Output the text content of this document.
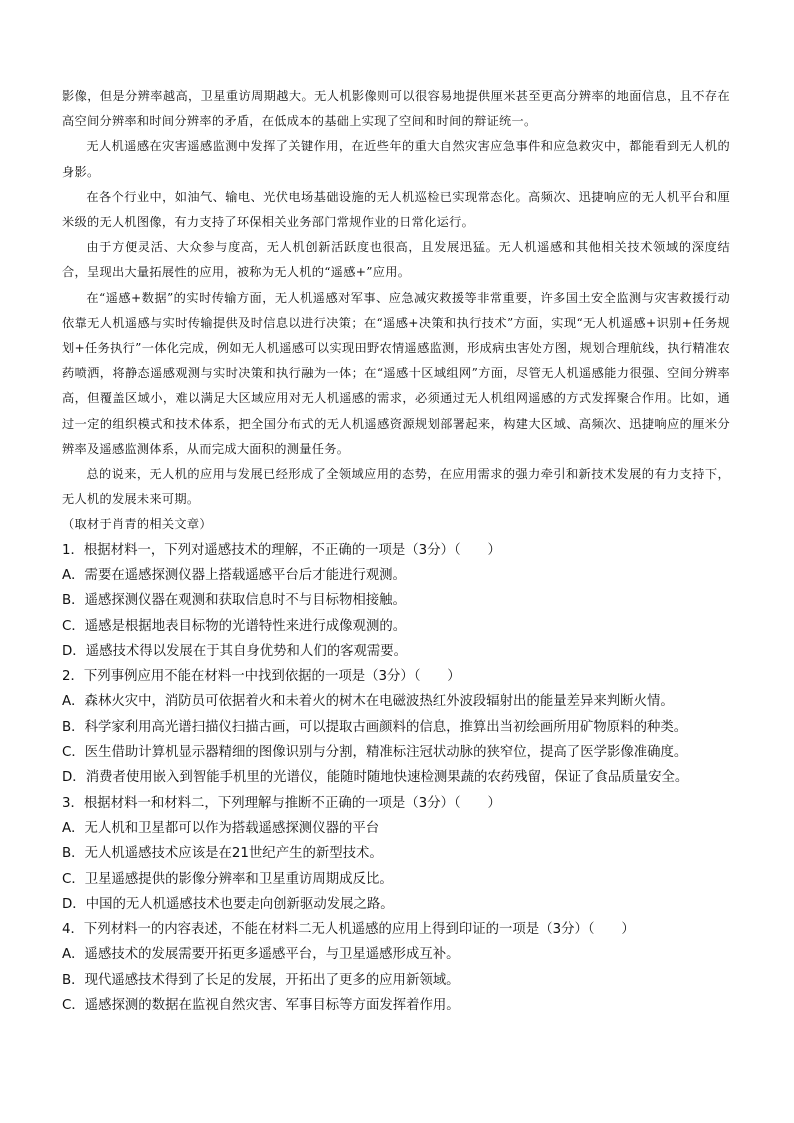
影像，但是分辨率越高，卫星重访周期越大。无人机影像则可以很容易地提供厘米甚至更高分辨率的地面信息，且不存在高空间分辨率和时间分辨率的矛盾，在低成本的基础上实现了空间和时间的辩证统一。

无人机遥感在灾害遥感监测中发挥了关键作用，在近些年的重大自然灾害应急事件和应急救灾中，都能看到无人机的身影。

在各个行业中，如油气、输电、光伏电场基础设施的无人机巡检已实现常态化。高频次、迅捷响应的无人机平台和厘米级的无人机图像，有力支持了环保相关业务部门常规作业的日常化运行。

由于方便灵活、大众参与度高，无人机创新活跃度也很高，且发展迅猛。无人机遥感和其他相关技术领域的深度结合，呈现出大量拓展性的应用，被称为无人机的“遥感+”应用。

在“遥感+数据”的实时传输方面，无人机遥感对军事、应急减灾救援等非常重要，许多国土安全监测与灾害救援行动依靠无人机遥感与实时传输提供及时信息以进行决策；在“遥感+决策和执行技术”方面，实现“无人机遥感+识别+任务规划+任务执行”一体化完成，例如无人机遥感可以实现田野农情遥感监测，形成病虫害处方图，规划合理航线，执行精准农药喷洒，将静态遥感观测与实时决策和执行融为一体；在“遥感十区域组网”方面，尽管无人机遥感能力很强、空间分辨率高，但覆盖区域小，难以满足大区域应用对无人机遥感的需求，必须通过无人机组网遥感的方式发挥聚合作用。比如，通过一定的组织模式和技术体系，把全国分布式的无人机遥感资源规划部署起来，构建大区域、高频次、迅捷响应的厘米分辨率及遥感监测体系，从而完成大面积的测量任务。

总的说来，无人机的应用与发展已经形成了全领域应用的态势，在应用需求的强力牵引和新技术发展的有力支持下，无人机的发展未来可期。

（取材于肖青的相关文章）

1．根据材料一，下列对遥感技术的理解，不正确的一项是（3分）（　　）

A．需要在遥感探测仪器上搭载遥感平台后才能进行观测。

B．遥感探测仪器在观测和获取信息时不与目标物相接触。

C．遥感是根据地表目标物的光谱特性来进行成像观测的。

D．遥感技术得以发展在于其自身优势和人们的客观需要。

2．下列事例应用不能在材料一中找到依据的一项是（3分）（　　）

A．森林火灾中，消防员可依据着火和未着火的树木在电磁波热红外波段辐射出的能量差异来判断火情。

B．科学家利用高光谱扫描仪扫描古画，可以提取古画颜料的信息，推算出当初绘画所用矿物原料的种类。

C．医生借助计算机显示器精细的图像识别与分割，精准标注冠状动脉的狭窄位，提高了医学影像准确度。

D．消费者使用嵌入到智能手机里的光谱仪，能随时随地快速检测果蔬的农药残留，保证了食品质量安全。

3．根据材料一和材料二，下列理解与推断不正确的一项是（3分）（　　）

A．无人机和卫星都可以作为搭载遥感探测仪器的平台

B．无人机遥感技术应该是在21世纪产生的新型技术。

C．卫星遥感提供的影像分辨率和卫星重访周期成反比。

D．中国的无人机遥感技术也要走向创新驱动发展之路。

4．下列材料一的内容表述，不能在材料二无人机遥感的应用上得到印证的一项是（3分）（　　）

A．遥感技术的发展需要开拓更多遥感平台，与卫星遥感形成互补。

B．现代遥感技术得到了长足的发展，开拓出了更多的应用新领域。

C．遥感探测的数据在监视自然灾害、军事目标等方面发挥着作用。
